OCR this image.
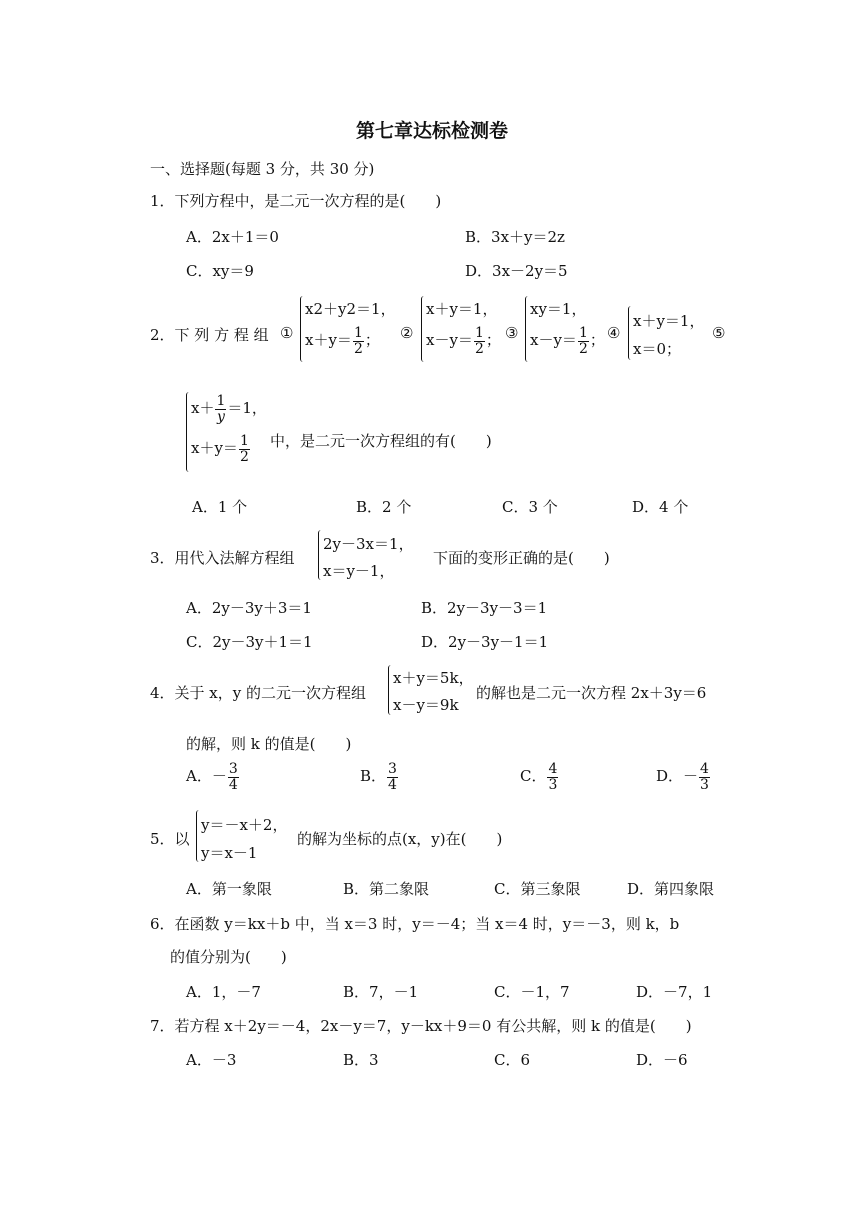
第七章达标检测卷
一、选择题(每题 3 分，共 30 分)
1．下列方程中，是二元一次方程的是(　　)
A．2x＋1＝0	B．3x＋y＝2z
C．xy＝9	D．3x－2y＝5
2．下 列 方 程 组 ①
x2＋y2＝1，
$x+y= \frac{1}{2}$ ； ②
x＋y＝1，
$x-y= \frac{1}{2}$ ； ③
xy＝1，
$x-y= \frac{1}{2}$ ； ④
x＋y＝1，
x＝0；
⑤
$x+ \frac{1}{y} =1$，
$x+y= \frac{1}{2}$ 中，是二元一次方程组的有(　　)
A．1 个	B．2 个	C．3 个	D．4 个
3．用代入法解方程组
2y－3x＝1，
x＝y－1，
下面的变形正确的是(　　)
A．2y－3y＋3＝1	B．2y－3y－3＝1
C．2y－3y＋1＝1	D．2y－3y－1＝1
4．关于 x，y 的二元一次方程组
x＋y＝5k，
x－y＝9k
的解也是二元一次方程 2x＋3y＝6
的解，则 k 的值是(　　)
A．－ $\frac{3}{4}$	B． $\frac{3}{4}$	C． $\frac{4}{3}$	D．－ $\frac{4}{3}$
5．以
y＝－x＋2，
y＝x－1
的解为坐标的点(x，y)在(　　)
A．第一象限	B．第二象限	C．第三象限	D．第四象限
6．在函数 y＝kx＋b 中，当 x＝3 时，y＝－4；当 x＝4 时，y＝－3，则 k，b
的值分别为(　　)
A．1，－7	B．7，－1	C．－1，7	D．－7，1
7．若方程 x＋2y＝－4，2x－y＝7，y－kx＋9＝0 有公共解，则 k 的值是(　　)
A．－3	B．3	C．6	D．－6
